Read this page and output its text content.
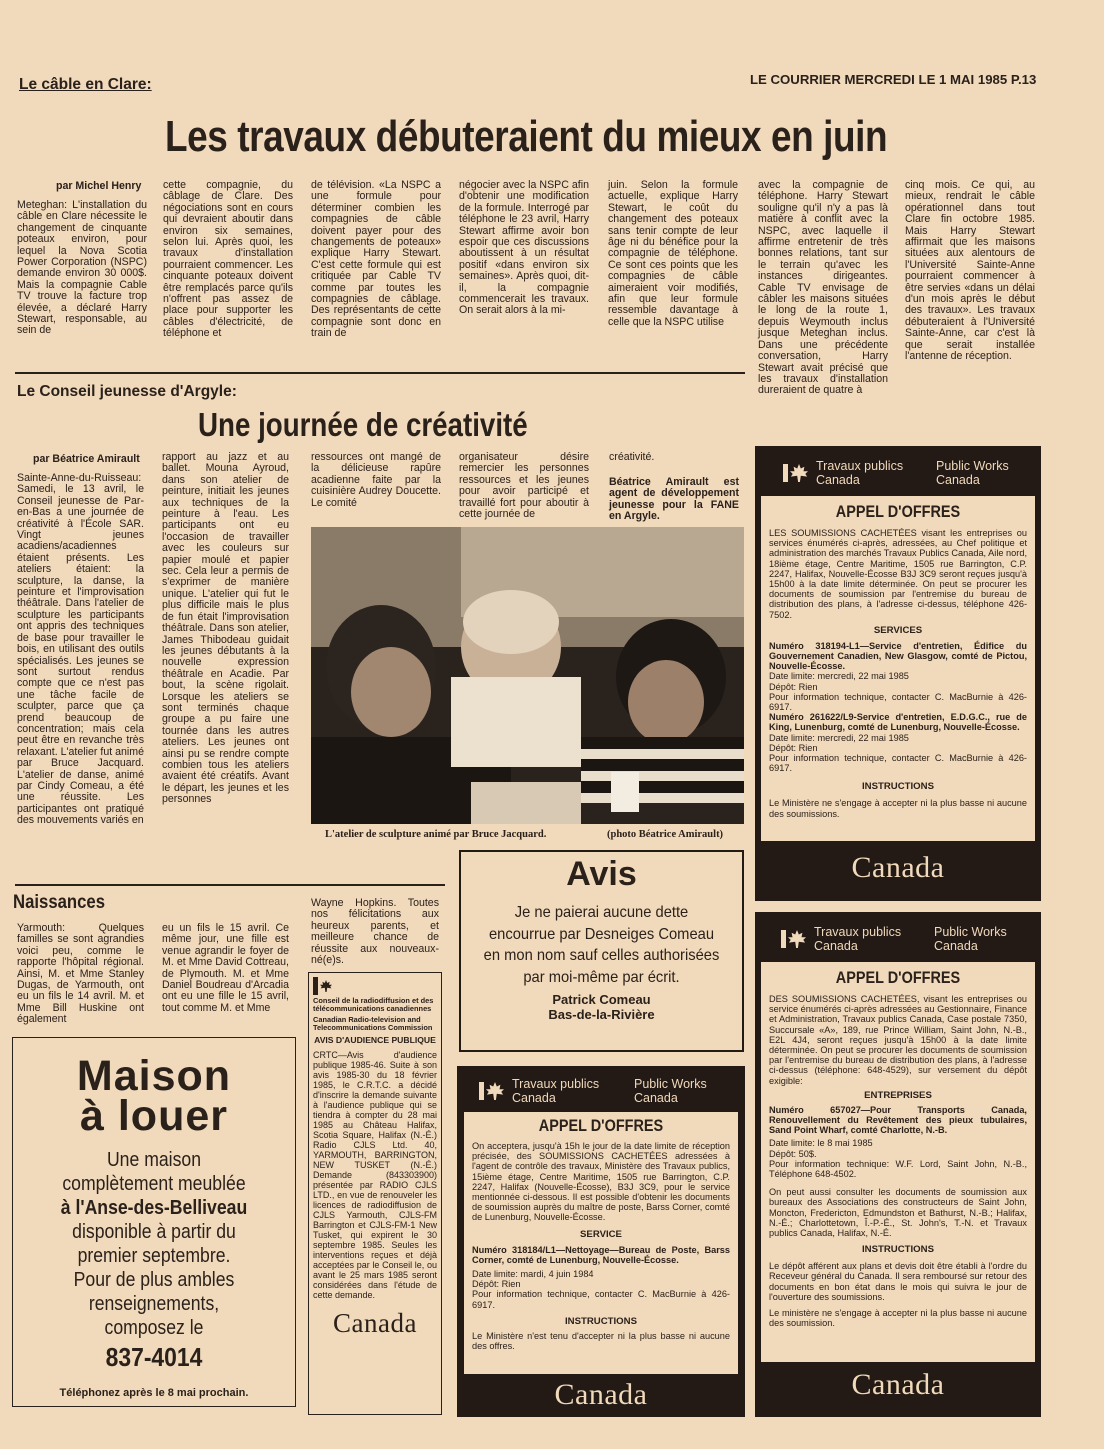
Le câble en Clare:	LE COURRIER MERCREDI LE 1 MAI 1985 P.13
Les travaux débuteraient du mieux en juin
par Michel Henry
Meteghan: L'installation du câble en Clare nécessite le changement de cinquante poteaux environ, pour lequel la Nova Scotia Power Corporation (NSPC) demande environ 30 000$. Mais la compagnie Cable TV trouve la facture trop élevée, a déclaré Harry Stewart, responsable, au sein de
cette compagnie, du câblage de Clare. Des négociations sont en cours qui devraient aboutir dans environ six semaines, selon lui. Après quoi, les travaux d'installation pourraient commencer. Les cinquante poteaux doivent être remplacés parce qu'ils n'offrent pas assez de place pour supporter les câbles d'électricité, de téléphone et
de télévision. «La NSPC a une formule pour déterminer combien les compagnies de câble doivent payer pour des changements de poteaux» explique Harry Stewart. C'est cette formule qui est critiquée par Cable TV comme par toutes les compagnies de câblage. Des représentants de cette compagnie sont donc en train de
négocier avec la NSPC afin d'obtenir une modification de la formule. Interrogé par téléphone le 23 avril, Harry Stewart affirme avoir bon espoir que ces discussions aboutissent à un résultat positif «dans environ six semaines». Après quoi, dit-il, la compagnie commencerait les travaux. On serait alors à la mi-
juin. Selon la formule actuelle, explique Harry Stewart, le coût du changement des poteaux sans tenir compte de leur âge ni du bénéfice pour la compagnie de téléphone. Ce sont ces points que les compagnies de câble aimeraient voir modifiés, afin que leur formule ressemble davantage à celle que la NSPC utilise
avec la compagnie de téléphone. Harry Stewart souligne qu'il n'y a pas là matière à conflit avec la NSPC, avec laquelle il affirme entretenir de très bonnes relations, tant sur le terrain qu'avec les instances dirigeantes. Cable TV envisage de câbler les maisons situées le long de la route 1, depuis Weymouth inclus jusque Meteghan inclus. Dans une précédente conversation, Harry Stewart avait précisé que les travaux d'installation dureraient de quatre à
cinq mois. Ce qui, au mieux, rendrait le câble opérationnel dans tout Clare fin octobre 1985. Mais Harry Stewart affirmait que les maisons situées aux alentours de l'Université Sainte-Anne pourraient commencer à être servies «dans un délai d'un mois après le début des travaux». Les travaux débuteraient à l'Université Sainte-Anne, car c'est là que serait installée l'antenne de réception.
Le Conseil jeunesse d'Argyle:
Une journée de créativité
par Béatrice Amirault
Sainte-Anne-du-Ruisseau: Samedi, le 13 avril, le Conseil jeunesse de Par-en-Bas a une journée de créativité à l'École SAR. Vingt jeunes acadiens/acadiennes étaient présents. Les ateliers étaient: la sculpture, la danse, la peinture et l'improvisation théâtrale. Dans l'atelier de sculpture les participants ont appris des techniques de base pour travailler le bois, en utilisant des outils spécialisés. Les jeunes se sont surtout rendus compte que ce n'est pas une tâche facile de sculpter, parce que ça prend beaucoup de concentration; mais cela peut être en revanche très relaxant. L'atelier fut animé par Bruce Jacquard. L'atelier de danse, animé par Cindy Comeau, a été une réussite. Les participantes ont pratiqué des mouvements variés en
rapport au jazz et au ballet. Mouna Ayroud, dans son atelier de peinture, initiait les jeunes aux techniques de la peinture à l'eau. Les participants ont eu l'occasion de travailler avec les couleurs sur papier moulé et papier sec. Cela leur a permis de s'exprimer de manière unique. L'atelier qui fut le plus difficile mais le plus de fun était l'improvisation théâtrale. Dans son atelier, James Thibodeau guidait les jeunes débutants à la nouvelle expression théâtrale en Acadie. Par bout, la scène rigolait. Lorsque les ateliers se sont terminés chaque groupe a pu faire une tournée dans les autres ateliers. Les jeunes ont ainsi pu se rendre compte combien tous les ateliers avaient été créatifs. Avant le départ, les jeunes et les personnes
ressources ont mangé de la délicieuse rapûre acadienne faite par la cuisinière Audrey Doucette. Le comité
organisateur désire remercier les personnes ressources et les jeunes pour avoir participé et travaillé fort pour aboutir à cette journée de
créativité.
Béatrice Amirault est agent de développement jeunesse pour la FANE en Argyle.
L'atelier de sculpture animé par Bruce Jacquard.	(photo Béatrice Amirault)
Naissances
Yarmouth: Quelques familles se sont agrandies voici peu, comme le rapporte l'hôpital régional. Ainsi, M. et Mme Stanley Dugas, de Yarmouth, ont eu un fils le 14 avril. M. et Mme Bill Huskine ont également
eu un fils le 15 avril. Ce même jour, une fille est venue agrandir le foyer de M. et Mme David Cottreau, de Plymouth. M. et Mme Daniel Boudreau d'Arcadia ont eu une fille le 15 avril, tout comme M. et Mme
Wayne Hopkins. Toutes nos félicitations aux heureux parents, et meilleure chance de réussite aux nouveaux-né(e)s.
Maison
à louer
Une maison
complètement meublée
à l'Anse-des-Belliveau
disponible à partir du
premier septembre.
Pour de plus ambles
renseignements,
composez le
837-4014
Téléphonez après le 8 mai prochain.
Conseil de la radiodiffusion et des télécommunications canadiennes
Canadian Radio-television and Telecommunications Commission
AVIS D'AUDIENCE PUBLIQUE
CRTC—Avis d'audience publique 1985-46. Suite à son avis 1985-30 du 18 février 1985, le C.R.T.C. a décidé d'inscrire la demande suivante à l'audience publique qui se tiendra à compter du 28 mai 1985 au Château Halifax, Scotia Square, Halifax (N.-É.) Radio CJLS Ltd. 40, YARMOUTH, BARRINGTON, NEW TUSKET (N.-É.) Demande (843303900) présentée par RADIO CJLS LTD., en vue de renouveler les licences de radiodiffusion de CJLS Yarmouth, CJLS-FM Barrington et CJLS-FM-1 New Tusket, qui expirent le 30 septembre 1985. Seules les interventions reçues et déjà acceptées par le Conseil le, ou avant le 25 mars 1985 seront considérées dans l'étude de cette demande.
Canada
Avis
Je ne paierai aucune dette encourrue par Desneiges Comeau en mon nom sauf celles authorisées par moi-même par écrit.
Patrick Comeau
Bas-de-la-Rivière
Travaux publics
Canada
Public Works
Canada
APPEL D'OFFRES
LES SOUMISSIONS CACHETÉES visant les entreprises ou services énumérés ci-après, adressées, au Chef politique et administration des marchés Travaux Publics Canada, Aile nord, 18ième étage, Centre Maritime, 1505 rue Barrington, C.P. 2247, Halifax, Nouvelle-Écosse B3J 3C9 seront reçues jusqu'à 15h00 à la date limite déterminée. On peut se procurer les documents de soumission par l'entremise du bureau de distribution des plans, à l'adresse ci-dessus, téléphone 426-7502.
SERVICES
Numéro 318194-L1—Service d'entretien, Édifice du Gouvernement Canadien, New Glasgow, comté de Pictou, Nouvelle-Écosse.
Date limite: mercredi, 22 mai 1985
Dépôt: Rien
Pour information technique, contacter C. MacBurnie à 426-6917.
Numéro 261622/L9-Service d'entretien, E.D.G.C., rue de King, Lunenburg, comté de Lunenburg, Nouvelle-Écosse.
Date limite: mercredi, 22 mai 1985
Dépôt: Rien
Pour information technique, contacter C. MacBurnie à 426-6917.
INSTRUCTIONS
Le Ministère ne s'engage à accepter ni la plus basse ni aucune des soumissions.
Canada
Travaux publics
Canada
Public Works
Canada
APPEL D'OFFRES
DES SOUMISSIONS CACHETÉES, visant les entreprises ou service énumérés ci-après adressées au Gestionnaire, Finance et Administration, Travaux publics Canada, Case postale 7350, Succursale «A», 189, rue Prince William, Saint John, N.-B., E2L 4J4, seront reçues jusqu'à 15h00 à la date limite déterminée. On peut se procurer les documents de soumission par l'entremise du bureau de distribution des plans, à l'adresse ci-dessus (téléphone: 648-4529), sur versement du dépôt exigible:
ENTREPRISES
Numéro 657027—Pour Transports Canada, Renouvellement du Revêtement des pieux tubulaires, Sand Point Wharf, comté Charlotte, N.-B.
Date limite: le 8 mai 1985
Dépôt: 50$.
Pour information technique: W.F. Lord, Saint John, N.-B., Téléphone 648-4502.
On peut aussi consulter les documents de soumission aux bureaux des Associations des constructeurs de Saint John, Moncton, Fredericton, Edmundston et Bathurst, N.-B.; Halifax, N.-É.; Charlottetown, Î.-P.-É., St. John's, T.-N. et Travaux publics Canada, Halifax, N.-É.
INSTRUCTIONS
Le dépôt afférent aux plans et devis doit être établi à l'ordre du Receveur général du Canada. Il sera remboursé sur retour des documents en bon état dans le mois qui suivra le jour de l'ouverture des soumissions.
Le ministère ne s'engage à accepter ni la plus basse ni aucune des soumission.
Canada
Travaux publics
Canada
Public Works
Canada
APPEL D'OFFRES
On acceptera, jusqu'à 15h le jour de la date limite de réception précisée, des SOUMISSIONS CACHETÉES adressées à l'agent de contrôle des travaux, Ministère des Travaux publics, 15ième étage, Centre Maritime, 1505 rue Barrington, C.P. 2247, Halifax (Nouvelle-Écosse), B3J 3C9, pour le service mentionnée ci-dessous. Il est possible d'obtenir les documents de soumission auprès du maître de poste, Barss Corner, comté de Lunenburg, Nouvelle-Écosse.
SERVICE
Numéro 318184/L1—Nettoyage—Bureau de Poste, Barss Corner, comté de Lunenburg, Nouvelle-Écosse.
Date limite: mardi, 4 juin 1984
Dépôt: Rien
Pour information technique, contacter C. MacBurnie à 426-6917.
INSTRUCTIONS
Le Ministère n'est tenu d'accepter ni la plus basse ni aucune des offres.
Canada
